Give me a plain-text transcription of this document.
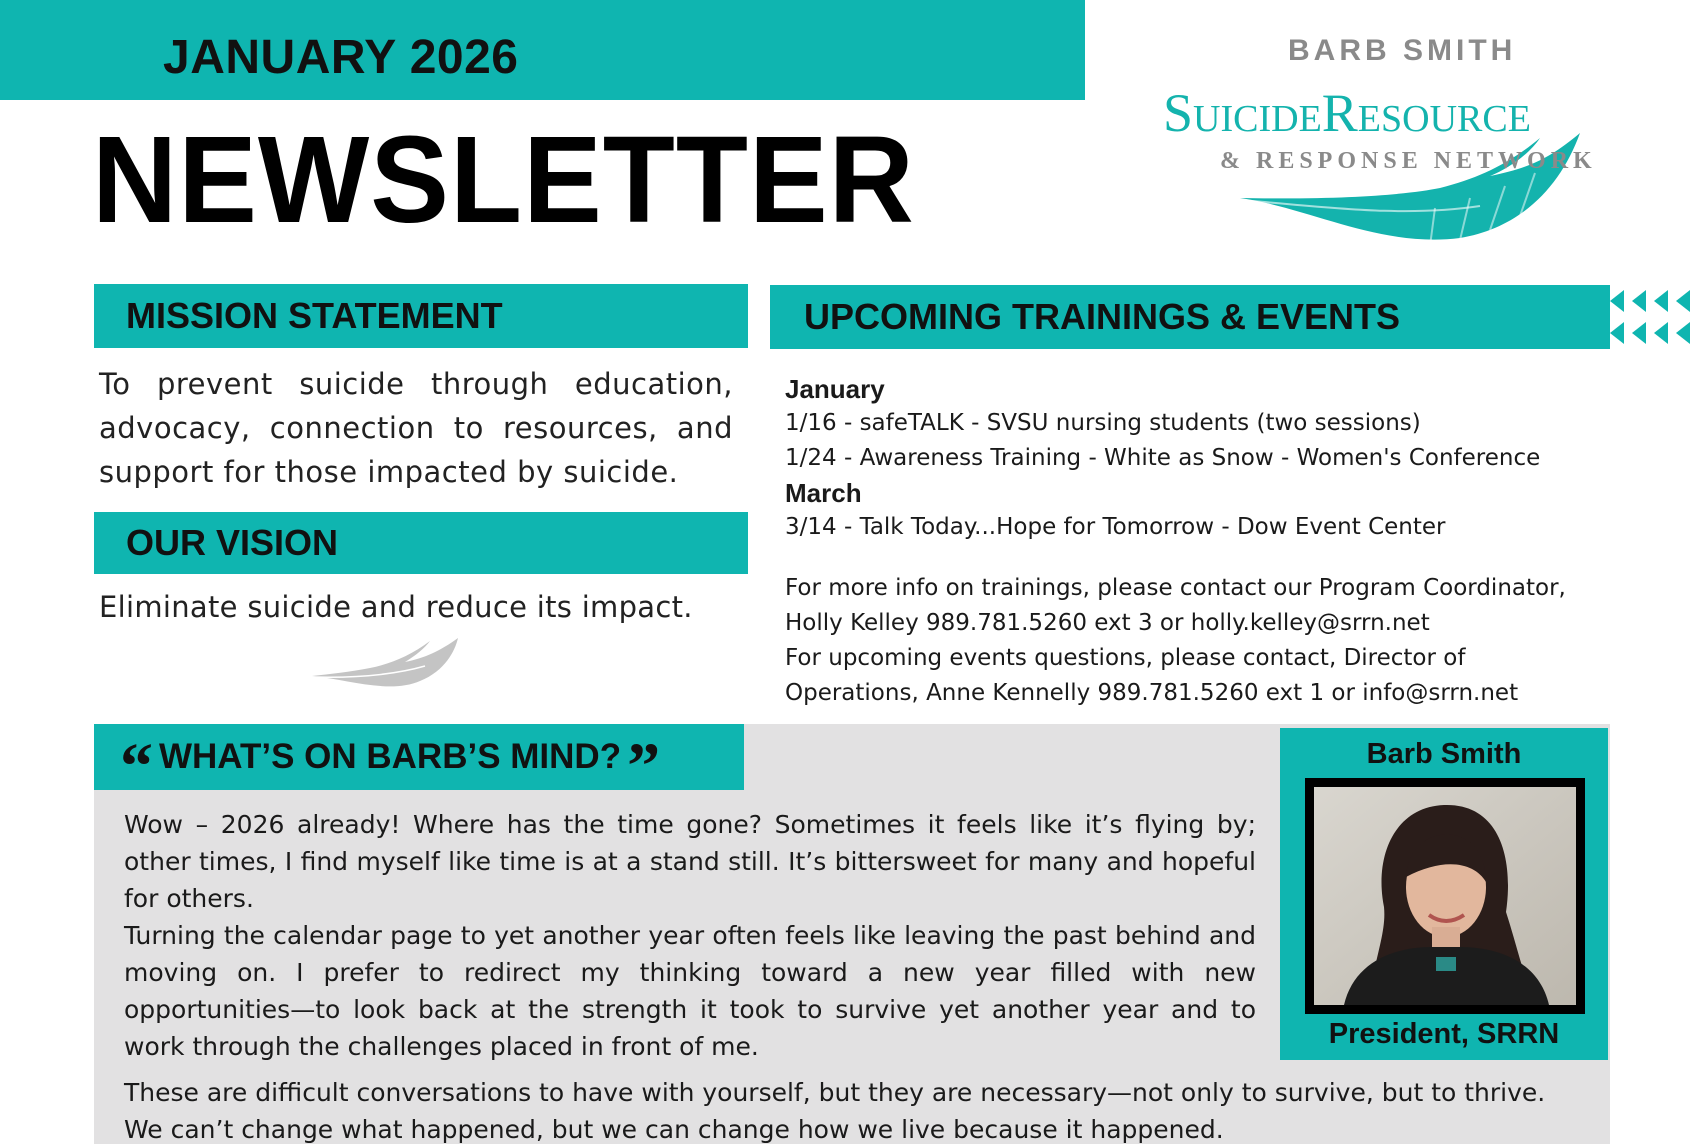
JANUARY 2026
NEWSLETTER
BARB SMITH
SuicideResource
& RESPONSE NETWORK
MISSION STATEMENT
To prevent suicide through education, advocacy, connection to resources, and support for those impacted by suicide.
OUR VISION
Eliminate suicide and reduce its impact.
UPCOMING TRAININGS & EVENTS
January
1/16 - safeTALK - SVSU nursing students (two sessions)
1/24 - Awareness Training - White as Snow - Women's Conference
March
3/14 - Talk Today...Hope for Tomorrow - Dow Event Center
For more info on trainings, please contact our Program Coordinator,
Holly Kelley 989.781.5260 ext 3 or holly.kelley@srrn.net
For upcoming events questions, please contact, Director of
Operations, Anne Kennelly 989.781.5260 ext 1 or info@srrn.net
“ WHAT’S ON BARB’S MIND? ”

Wow – 2026 already! Where has the time gone? Sometimes it feels like it’s flying by; other times, I find myself like time is at a stand still. It’s bittersweet for many and hopeful for others.

Turning the calendar page to yet another year often feels like leaving the past behind and moving on. I prefer to redirect my thinking toward a new year filled with new opportunities—to look back at the strength it took to survive yet another year and to work through the challenges placed in front of me.

These are difficult conversations to have with yourself, but they are necessary—not only to survive, but to thrive. We can’t change what happened, but we can change how we live because it happened.

Barb Smith
President, SRRN
